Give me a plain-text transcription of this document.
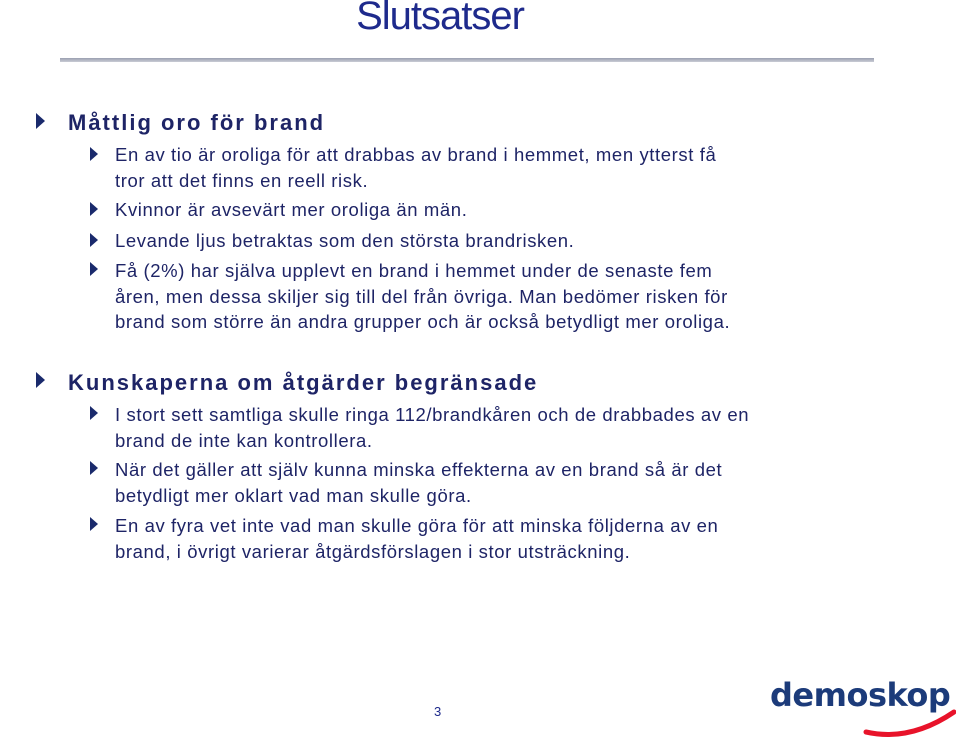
Slutsatser
Måttlig oro för brand
En av tio är oroliga för att drabbas av brand i hemmet, men ytterst få
tror att det finns en reell risk.
Kvinnor är avsevärt mer oroliga än män.
Levande ljus betraktas som den största brandrisken.
Få (2%) har själva upplevt en brand i hemmet under de senaste fem
åren, men dessa skiljer sig till del från övriga. Man bedömer risken för
brand som större än andra grupper och är också betydligt mer oroliga.
Kunskaperna om åtgärder begränsade
I stort sett samtliga skulle ringa 112/brandkåren och de drabbades av en
brand de inte kan kontrollera.
När det gäller att själv kunna minska effekterna av en brand så är det
betydligt mer oklart vad man skulle göra.
En av fyra vet inte vad man skulle göra för att minska följderna av en
brand, i övrigt varierar åtgärdsförslagen i stor utsträckning.
3	demoskop
